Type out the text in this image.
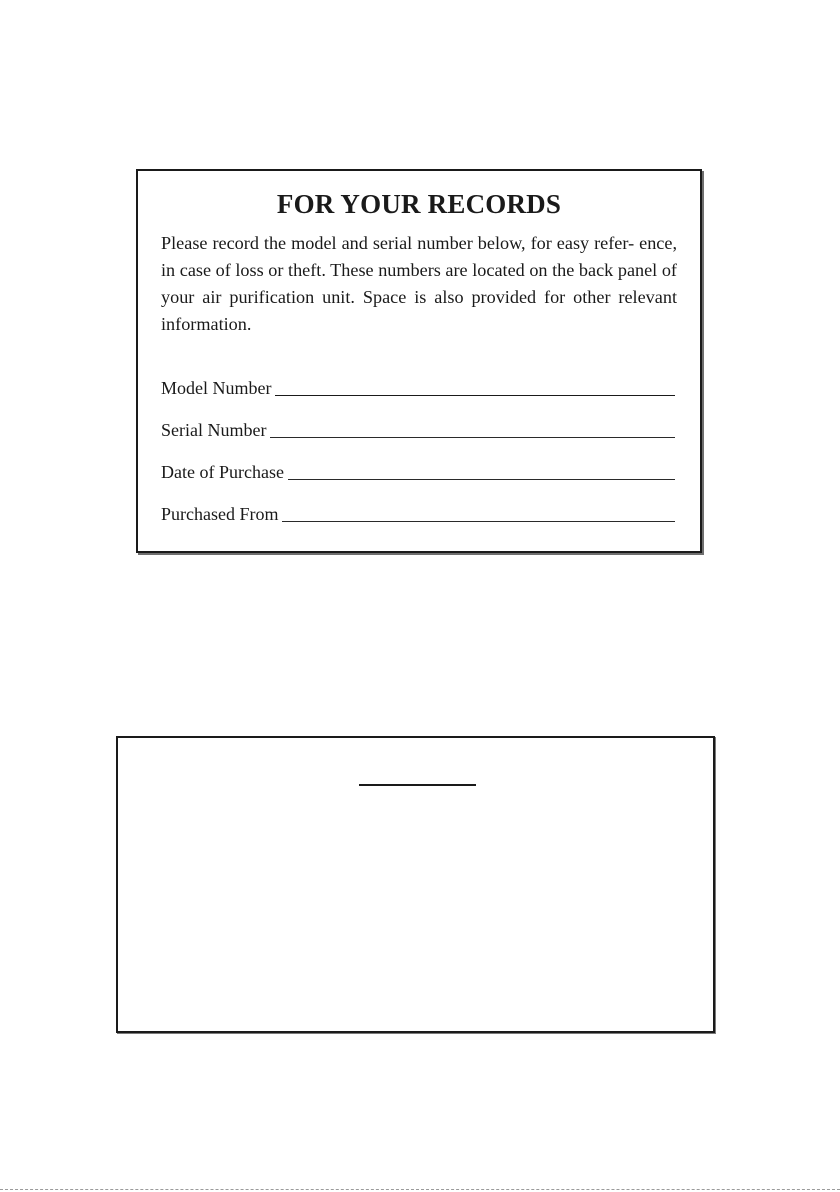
FOR YOUR RECORDS

Please record the model and serial number below, for easy refer- ence, in case of loss or theft. These numbers are located on the back panel of your air purification unit. Space is also provided for other relevant information.

Model Number
Serial Number
Date of Purchase
Purchased From
